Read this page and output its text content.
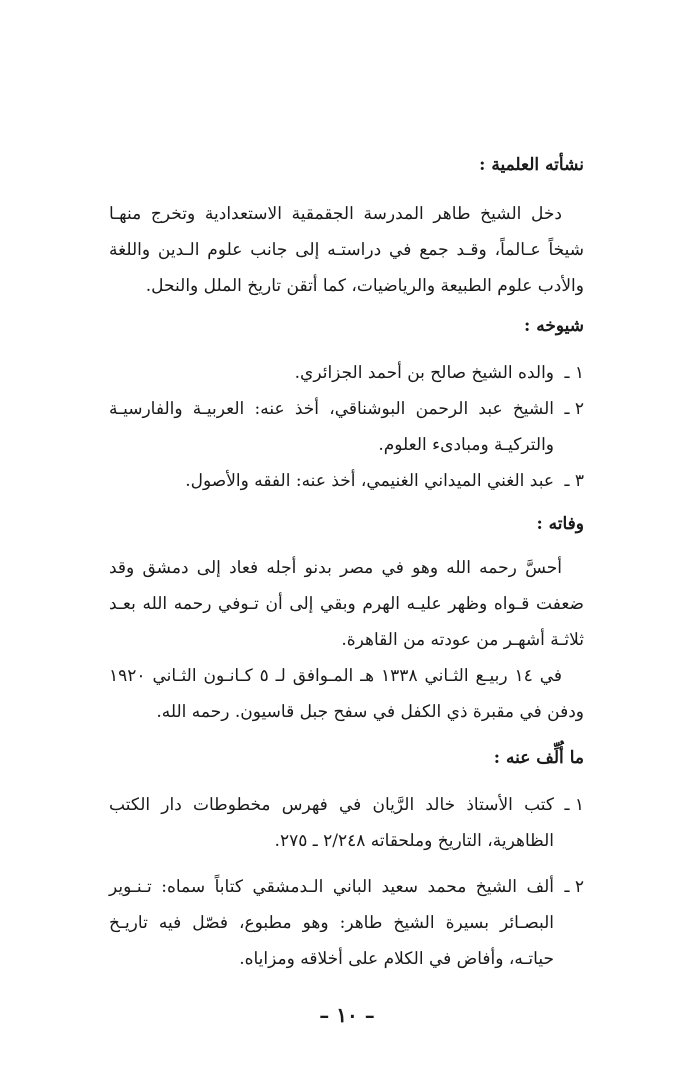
نشأته العلمية :

دخل الشيخ طاهر المدرسة الجقمقية الاستعدادية وتخرج منهـا شيخاً عـالماً، وقـد جمع في دراستـه إلى جانب علوم الـدين واللغة والأدب علوم الطبيعة والرياضيات، كما أتقن تاريخ الملل والنحل.

شيوخه :
١ ـ
والده الشيخ صالح بن أحمد الجزائري.
٢ ـ
الشيخ عبد الرحمن البوشناقي، أخذ عنه: العربيـة والفارسيـة والتركيـة ومبادىء العلوم.
٣ ـ
عبد الغني الميداني الغنيمي، أخذ عنه: الفقه والأصول.
وفاته :

أحسَّ رحمه الله وهو في مصر بدنو أجله فعاد إلى دمشق وقد ضعفت قـواه وظهر عليـه الهرم وبقي إلى أن تـوفي رحمه الله بعـد ثلاثـة أشهـر من عودته من القاهرة.

في ١٤ ربيـع الثـاني ١٣٣٨ هـ المـوافق لـ ٥ كـانـون الثـاني ١٩٢٠ ودفن في مقبرة ذي الكفل في سفح جبل قاسيون. رحمه الله.

ما أُلِّف عنه :
١ ـ
كتب الأستاذ خالد الرَّيان في فهرس مخطوطات دار الكتب الظاهرية، التاريخ وملحقاته ٢/٢٤٨ ـ ٢٧٥.
٢ ـ
ألف الشيخ محمد سعيد الباني الـدمشقي كتاباً سماه: تـنـوير البصـائر بسيرة الشيخ طاهر: وهو مطبوع، فصّل فيه تاريـخ حياتـه، وأفاض في الكلام على أخلاقه ومزاياه.
– ١٠ –
